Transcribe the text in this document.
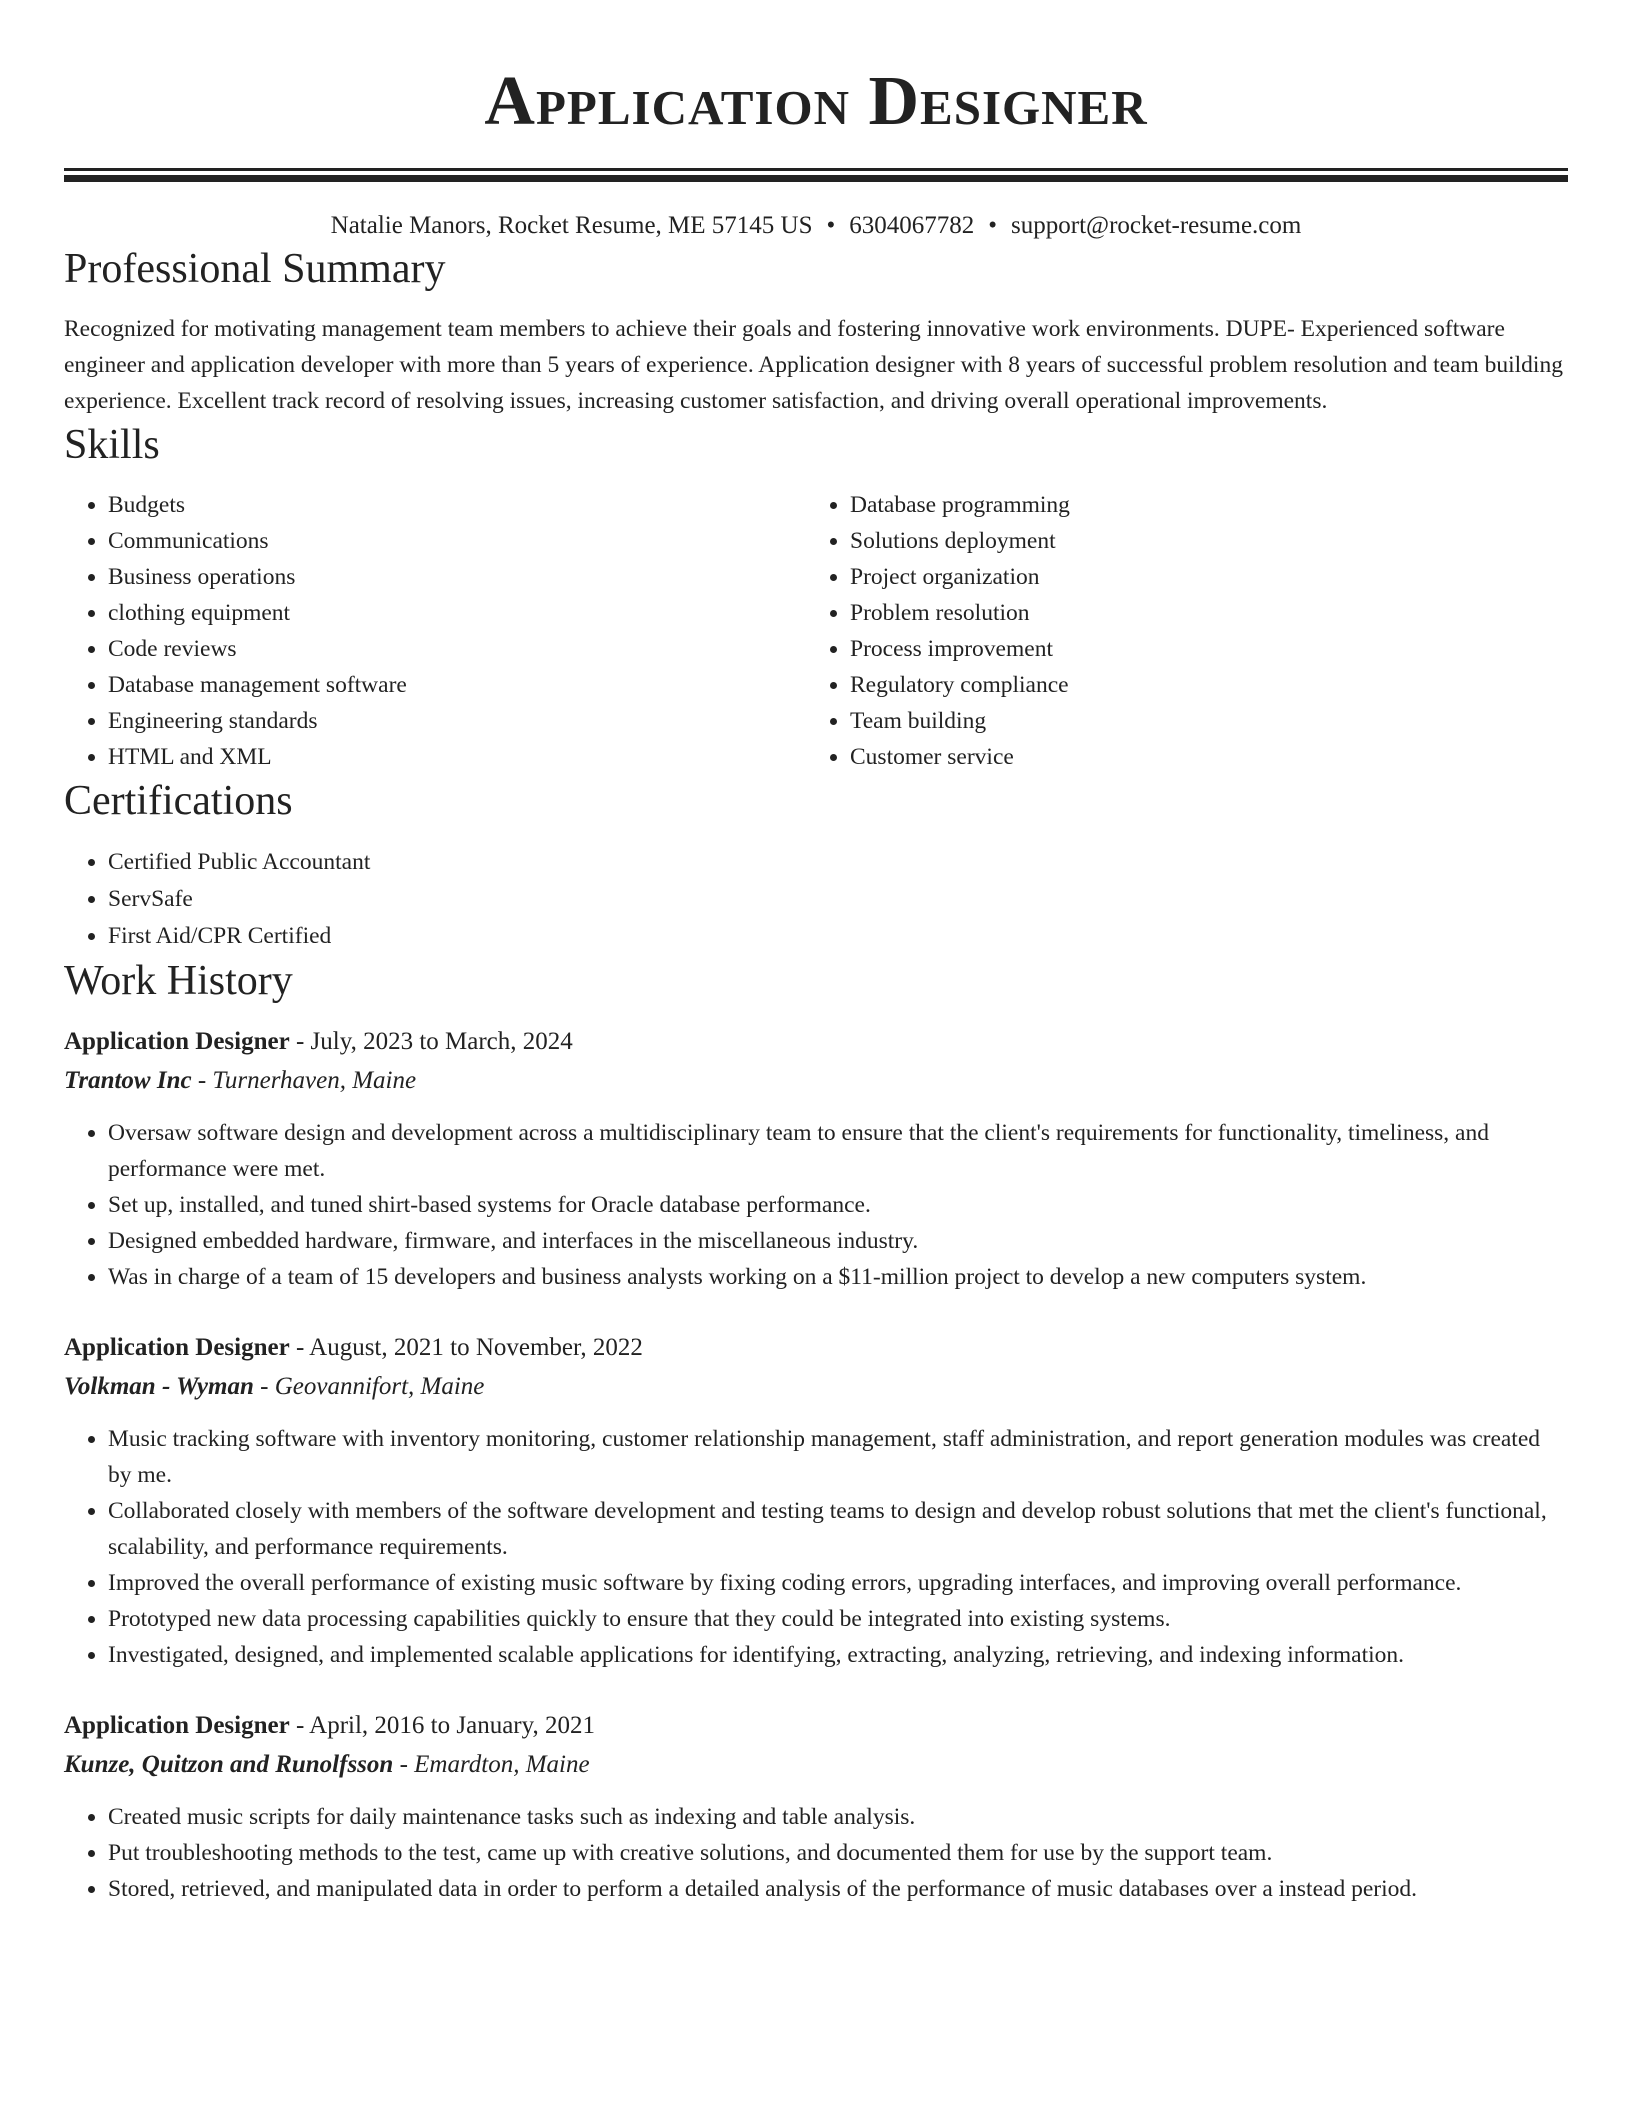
Application Designer
Natalie Manors, Rocket Resume, ME 57145 US • 6304067782 • support@rocket-resume.com
Professional Summary

Recognized for motivating management team members to achieve their goals and fostering innovative work environments. DUPE- Experienced software engineer and application developer with more than 5 years of experience. Application designer with 8 years of successful problem resolution and team building experience. Excellent track record of resolving issues, increasing customer satisfaction, and driving overall operational improvements.

Skills
• Budgets
• Communications
• Business operations
• clothing equipment
• Code reviews
• Database management software
• Engineering standards
• HTML and XML
• Database programming
• Solutions deployment
• Project organization
• Problem resolution
• Process improvement
• Regulatory compliance
• Team building
• Customer service
Certifications
• Certified Public Accountant
• ServSafe
• First Aid/CPR Certified
Work History
Application Designer - July, 2023 to March, 2024
Trantow Inc - Turnerhaven, Maine
• Oversaw software design and development across a multidisciplinary team to ensure that the client's requirements for functionality, timeliness, and performance were met.
• Set up, installed, and tuned shirt-based systems for Oracle database performance.
• Designed embedded hardware, firmware, and interfaces in the miscellaneous industry.
• Was in charge of a team of 15 developers and business analysts working on a $11-million project to develop a new computers system.
Application Designer - August, 2021 to November, 2022
Volkman - Wyman - Geovannifort, Maine
• Music tracking software with inventory monitoring, customer relationship management, staff administration, and report generation modules was created by me.
• Collaborated closely with members of the software development and testing teams to design and develop robust solutions that met the client's functional, scalability, and performance requirements.
• Improved the overall performance of existing music software by fixing coding errors, upgrading interfaces, and improving overall performance.
• Prototyped new data processing capabilities quickly to ensure that they could be integrated into existing systems.
• Investigated, designed, and implemented scalable applications for identifying, extracting, analyzing, retrieving, and indexing information.
Application Designer - April, 2016 to January, 2021
Kunze, Quitzon and Runolfsson - Emardton, Maine
• Created music scripts for daily maintenance tasks such as indexing and table analysis.
• Put troubleshooting methods to the test, came up with creative solutions, and documented them for use by the support team.
• Stored, retrieved, and manipulated data in order to perform a detailed analysis of the performance of music databases over a instead period.
